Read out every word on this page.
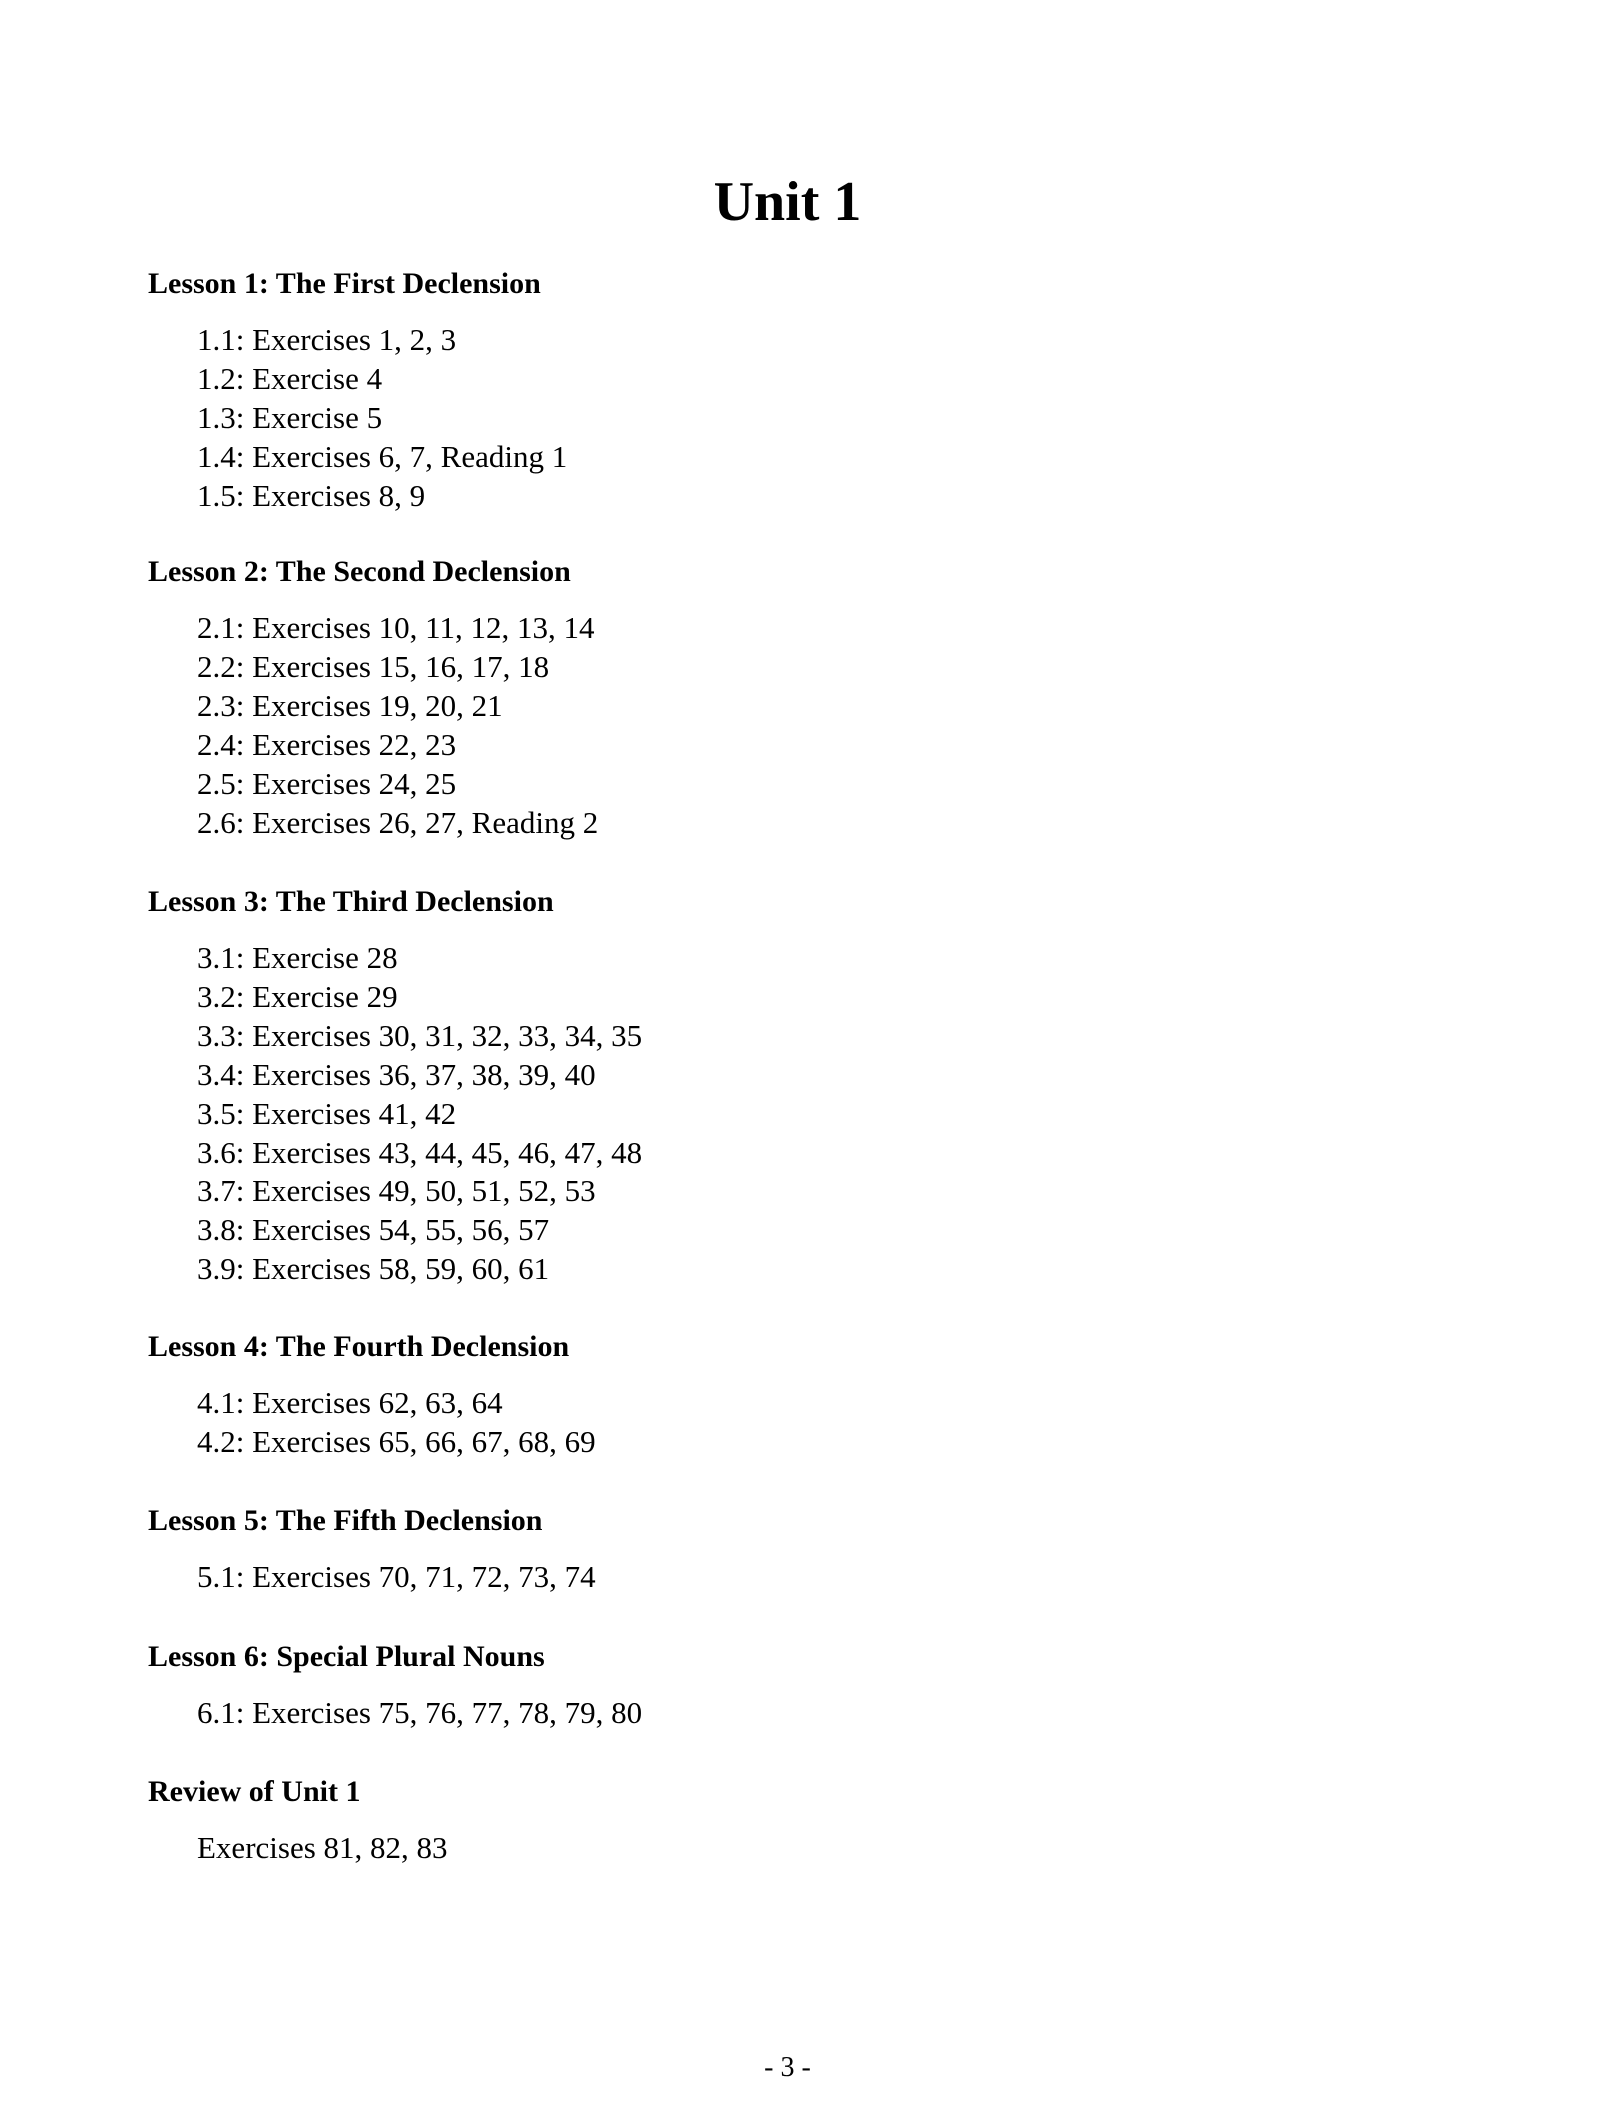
Unit 1
Lesson 1: The First Declension
1.1: Exercises 1, 2, 3
1.2: Exercise 4
1.3: Exercise 5
1.4: Exercises 6, 7, Reading 1
1.5: Exercises 8, 9
Lesson 2: The Second Declension
2.1: Exercises 10, 11, 12, 13, 14
2.2: Exercises 15, 16, 17, 18
2.3: Exercises 19, 20, 21
2.4: Exercises 22, 23
2.5: Exercises 24, 25
2.6: Exercises 26, 27, Reading 2
Lesson 3: The Third Declension
3.1: Exercise 28
3.2: Exercise 29
3.3: Exercises 30, 31, 32, 33, 34, 35
3.4: Exercises 36, 37, 38, 39, 40
3.5: Exercises 41, 42
3.6: Exercises 43, 44, 45, 46, 47, 48
3.7: Exercises 49, 50, 51, 52, 53
3.8: Exercises 54, 55, 56, 57
3.9: Exercises 58, 59, 60, 61
Lesson 4: The Fourth Declension
4.1: Exercises 62, 63, 64
4.2: Exercises 65, 66, 67, 68, 69
Lesson 5: The Fifth Declension
5.1: Exercises 70, 71, 72, 73, 74
Lesson 6: Special Plural Nouns
6.1: Exercises 75, 76, 77, 78, 79, 80
Review of Unit 1
Exercises 81, 82, 83
- 3 -
